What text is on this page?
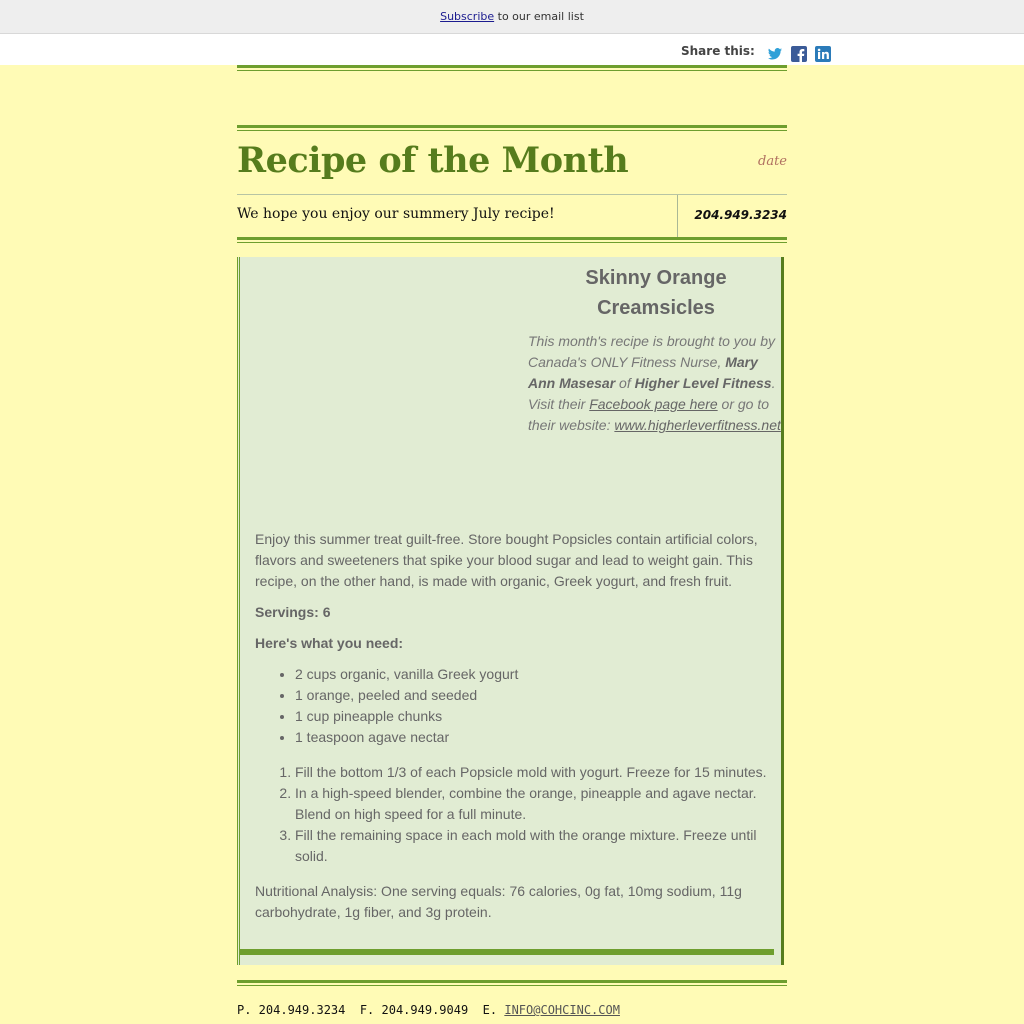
Subscribe to our email list
Share this:
Recipe of the Month	date
We hope you enjoy our summery July recipe!	204.949.3234
Skinny Orange
Creamsicles
This month's recipe is brought to you by Canada's ONLY Fitness Nurse, Mary Ann Masesar of Higher Level Fitness. Visit their Facebook page here or go to their website: www.higherleverfitness.net

Enjoy this summer treat guilt-free. Store bought Popsicles contain artificial colors, flavors and sweeteners that spike your blood sugar and lead to weight gain. This recipe, on the other hand, is made with organic, Greek yogurt, and fresh fruit.

Servings: 6

Here's what you need:

• 2 cups organic, vanilla Greek yogurt
• 1 orange, peeled and seeded
• 1 cup pineapple chunks
• 1 teaspoon agave nectar
1. Fill the bottom 1/3 of each Popsicle mold with yogurt. Freeze for 15 minutes.
2. In a high-speed blender, combine the orange, pineapple and agave nectar. Blend on high speed for a full minute.
3. Fill the remaining space in each mold with the orange mixture. Freeze until solid.

Nutritional Analysis: One serving equals: 76 calories, 0g fat, 10mg sodium, 11g carbohydrate, 1g fiber, and 3g protein.

P. 204.949.3234 F. 204.949.9049 E. INFO@COHCINC.COM
